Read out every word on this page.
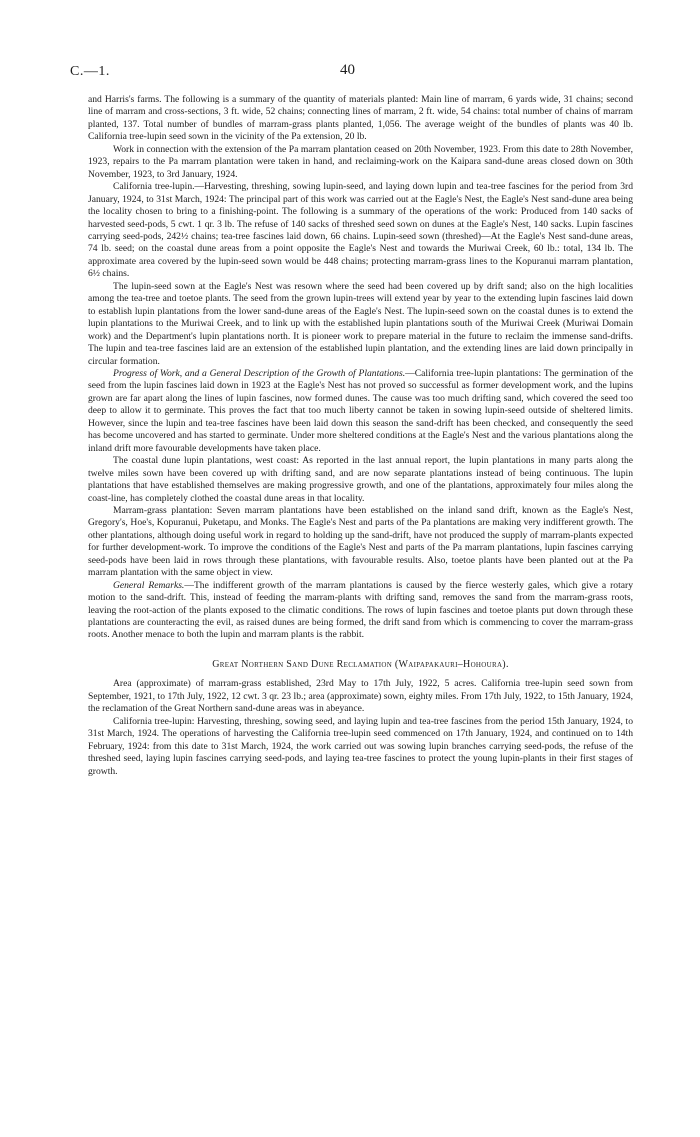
C.—1.	40

and Harris's farms. The following is a summary of the quantity of materials planted: Main line of marram, 6 yards wide, 31 chains; second line of marram and cross-sections, 3 ft. wide, 52 chains; connecting lines of marram, 2 ft. wide, 54 chains: total number of chains of marram planted, 137. Total number of bundles of marram-grass plants planted, 1,056. The average weight of the bundles of plants was 40 lb. California tree-lupin seed sown in the vicinity of the Pa extension, 20 lb.

Work in connection with the extension of the Pa marram plantation ceased on 20th November, 1923. From this date to 28th November, 1923, repairs to the Pa marram plantation were taken in hand, and reclaiming-work on the Kaipara sand-dune areas closed down on 30th November, 1923, to 3rd January, 1924.

California tree-lupin.—Harvesting, threshing, sowing lupin-seed, and laying down lupin and tea-tree fascines for the period from 3rd January, 1924, to 31st March, 1924: The principal part of this work was carried out at the Eagle's Nest, the Eagle's Nest sand-dune area being the locality chosen to bring to a finishing-point. The following is a summary of the operations of the work: Produced from 140 sacks of harvested seed-pods, 5 cwt. 1 qr. 3 lb. The refuse of 140 sacks of threshed seed sown on dunes at the Eagle's Nest, 140 sacks. Lupin fascines carrying seed-pods, 242½ chains; tea-tree fascines laid down, 66 chains. Lupin-seed sown (threshed)—At the Eagle's Nest sand-dune areas, 74 lb. seed; on the coastal dune areas from a point opposite the Eagle's Nest and towards the Muriwai Creek, 60 lb.: total, 134 lb. The approximate area covered by the lupin-seed sown would be 448 chains; protecting marram-grass lines to the Kopuranui marram plantation, 6½ chains.

The lupin-seed sown at the Eagle's Nest was resown where the seed had been covered up by drift sand; also on the high localities among the tea-tree and toetoe plants. The seed from the grown lupin-trees will extend year by year to the extending lupin fascines laid down to establish lupin plantations from the lower sand-dune areas of the Eagle's Nest. The lupin-seed sown on the coastal dunes is to extend the lupin plantations to the Muriwai Creek, and to link up with the established lupin plantations south of the Muriwai Creek (Muriwai Domain work) and the Department's lupin plantations north. It is pioneer work to prepare material in the future to reclaim the immense sand-drifts. The lupin and tea-tree fascines laid are an extension of the established lupin plantation, and the extending lines are laid down principally in circular formation.

Progress of Work, and a General Description of the Growth of Plantations.—California tree-lupin plantations: The germination of the seed from the lupin fascines laid down in 1923 at the Eagle's Nest has not proved so successful as former development work, and the lupins grown are far apart along the lines of lupin fascines, now formed dunes. The cause was too much drifting sand, which covered the seed too deep to allow it to germinate. This proves the fact that too much liberty cannot be taken in sowing lupin-seed outside of sheltered limits. However, since the lupin and tea-tree fascines have been laid down this season the sand-drift has been checked, and consequently the seed has become uncovered and has started to germinate. Under more sheltered conditions at the Eagle's Nest and the various plantations along the inland drift more favourable developments have taken place.

The coastal dune lupin plantations, west coast: As reported in the last annual report, the lupin plantations in many parts along the twelve miles sown have been covered up with drifting sand, and are now separate plantations instead of being continuous. The lupin plantations that have established themselves are making progressive growth, and one of the plantations, approximately four miles along the coast-line, has completely clothed the coastal dune areas in that locality.

Marram-grass plantation: Seven marram plantations have been established on the inland sand drift, known as the Eagle's Nest, Gregory's, Hoe's, Kopuranui, Puketapu, and Monks. The Eagle's Nest and parts of the Pa plantations are making very indifferent growth. The other plantations, although doing useful work in regard to holding up the sand-drift, have not produced the supply of marram-plants expected for further development-work. To improve the conditions of the Eagle's Nest and parts of the Pa marram plantations, lupin fascines carrying seed-pods have been laid in rows through these plantations, with favourable results. Also, toetoe plants have been planted out at the Pa marram plantation with the same object in view.

General Remarks.—The indifferent growth of the marram plantations is caused by the fierce westerly gales, which give a rotary motion to the sand-drift. This, instead of feeding the marram-plants with drifting sand, removes the sand from the marram-grass roots, leaving the root-action of the plants exposed to the climatic conditions. The rows of lupin fascines and toetoe plants put down through these plantations are counteracting the evil, as raised dunes are being formed, the drift sand from which is commencing to cover the marram-grass roots. Another menace to both the lupin and marram plants is the rabbit.

Great Northern Sand Dune Reclamation (Waipapakauri–Hohoura).

Area (approximate) of marram-grass established, 23rd May to 17th July, 1922, 5 acres. California tree-lupin seed sown from September, 1921, to 17th July, 1922, 12 cwt. 3 qr. 23 lb.; area (approximate) sown, eighty miles. From 17th July, 1922, to 15th January, 1924, the reclamation of the Great Northern sand-dune areas was in abeyance.

California tree-lupin: Harvesting, threshing, sowing seed, and laying lupin and tea-tree fascines from the period 15th January, 1924, to 31st March, 1924. The operations of harvesting the California tree-lupin seed commenced on 17th January, 1924, and continued on to 14th February, 1924: from this date to 31st March, 1924, the work carried out was sowing lupin branches carrying seed-pods, the refuse of the threshed seed, laying lupin fascines carrying seed-pods, and laying tea-tree fascines to protect the young lupin-plants in their first stages of growth.
